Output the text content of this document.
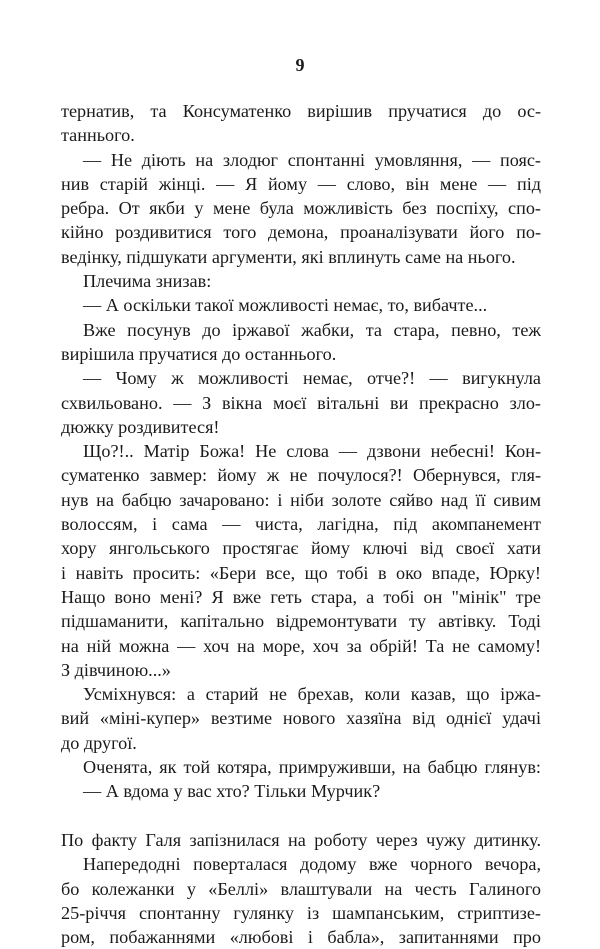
9
тернатив, та Консуматенко вирішив пручатися до ос-
таннього.
— Не діють на злодюг спонтанні умовляння, — пояс-
нив старій жінці. — Я йому — слово, він мене — під
ребра. От якби у мене була можливість без поспіху, спо-
кійно роздивитися того демона, проаналізувати його по-
ведінку, підшукати аргументи, які вплинуть саме на нього.
Плечима знизав:
— А оскільки такої можливості немає, то, вибачте...
Вже посунув до іржавої жабки, та стара, певно, теж
вирішила пручатися до останнього.
— Чому ж можливості немає, отче?! — вигукнула
схвильовано. — З вікна моєї вітальні ви прекрасно зло-
дюжку роздивитеся!
Що?!.. Матір Божа! Не слова — дзвони небесні! Кон-
суматенко завмер: йому ж не почулося?! Обернувся, гля-
нув на бабцю зачаровано: і ніби золоте сяйво над її сивим
волоссям, і сама — чиста, лагідна, під акомпанемент
хору янгольського простягає йому ключі від своєї хати
і навіть просить: «Бери все, що тобі в око впаде, Юрку!
Нащо воно мені? Я вже геть стара, а тобі он "мінік" тре
підшаманити, капітально відремонтувати ту автівку. Тоді
на ній можна — хоч на море, хоч за обрій! Та не самому!
З дівчиною...»
Усміхнувся: а старий не брехав, коли казав, що іржа-
вий «міні-купер» везтиме нового хазяїна від однієї удачі
до другої.
Оченята, як той котяра, примруживши, на бабцю глянув:
— А вдома у вас хто? Тільки Мурчик?
По факту Галя запізнилася на роботу через чужу дитинку.
Напередодні поверталася додому вже чорного вечора,
бо колежанки у «Беллі» влаштували на честь Галиного
25-річчя спонтанну гулянку із шампанським, стриптизе-
ром, побажаннями «любові і бабла», запитаннями про
